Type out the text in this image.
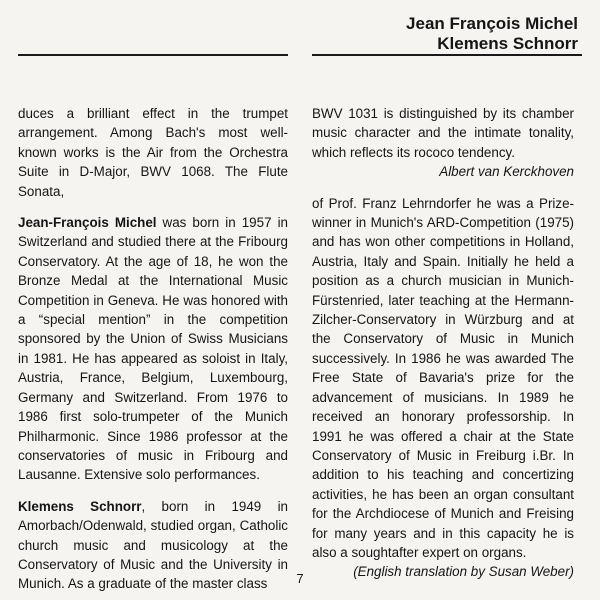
Jean François Michel
Klemens Schnorr

duces a brilliant effect in the trumpet arrangement. Among Bach's most well-known works is the Air from the Orchestra Suite in D-Major, BWV 1068. The Flute Sonata,

Jean-François Michel was born in 1957 in Switzerland and studied there at the Fribourg Conservatory. At the age of 18, he won the Bronze Medal at the International Music Competition in Geneva. He was honored with a “special mention” in the competition sponsored by the Union of Swiss Musicians in 1981. He has appeared as soloist in Italy, Austria, France, Belgium, Luxembourg, Germany and Switzerland. From 1976 to 1986 first solo-trumpeter of the Munich Philharmonic. Since 1986 professor at the conservatories of music in Fribourg and Lausanne. Extensive solo performances.

Klemens Schnorr, born in 1949 in Amorbach/Odenwald, studied organ, Catholic church music and musicology at the Conservatory of Music and the University in Munich. As a graduate of the master class

BWV 1031 is distinguished by its chamber music character and the intimate tonality, which reflects its rococo tendency.

Albert van Kerckhoven

of Prof. Franz Lehrndorfer he was a Prize-winner in Munich's ARD-Competition (1975) and has won other competitions in Holland, Austria, Italy and Spain. Initially he held a position as a church musician in Munich-Fürstenried, later teaching at the Hermann-Zilcher-Conservatory in Würzburg and at the Conservatory of Music in Munich successively. In 1986 he was awarded The Free State of Bavaria's prize for the advancement of musicians. In 1989 he received an honorary professorship. In 1991 he was offered a chair at the State Conservatory of Music in Freiburg i.Br. In addition to his teaching and concertizing activities, he has been an organ consultant for the Archdiocese of Munich and Freising for many years and in this capacity he is also a soughtafter expert on organs.

(English translation by Susan Weber)

7
